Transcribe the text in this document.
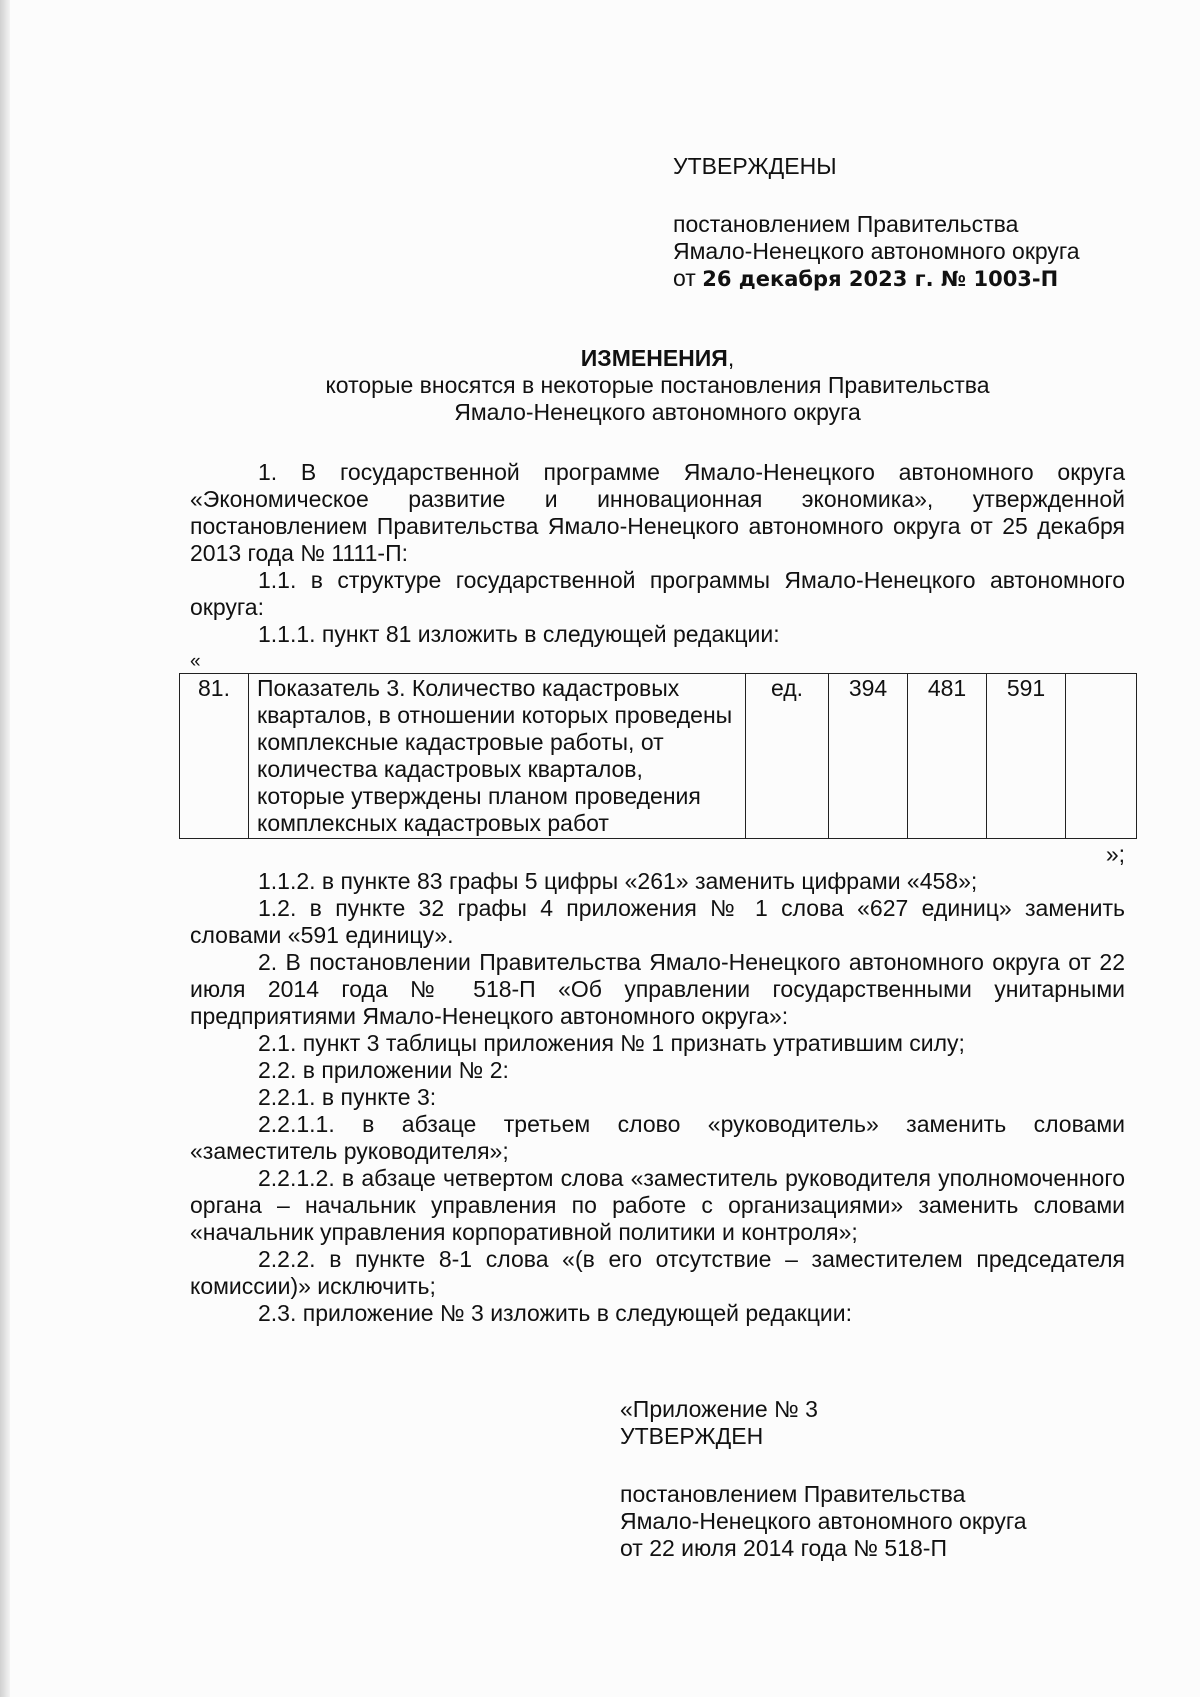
УТВЕРЖДЕНЫ
постановлением Правительства
Ямало-Ненецкого автономного округа
от 26 декабря 2023 г. № 1003-П
ИЗМЕНЕНИЯ,
которые вносятся в некоторые постановления Правительства
Ямало-Ненецкого автономного округа
1. В государственной программе Ямало-Ненецкого автономного округа «Экономическое развитие и инновационная экономика», утвержденной постановлением Правительства Ямало-Ненецкого автономного округа от 25 декабря 2013 года № 1111-П:
1.1. в структуре государственной программы Ямало-Ненецкого автономного округа:
1.1.1. пункт 81 изложить в следующей редакции:
«
81.	Показатель 3. Количество кадастровых кварталов, в отношении которых проведены комплексные кадастровые работы, от количества кадастровых кварталов, которые утверждены планом проведения комплексных кадастровых работ	ед.	394	481	591	
»;
1.1.2. в пункте 83 графы 5 цифры «261» заменить цифрами «458»;
1.2. в пункте 32 графы 4 приложения № 1 слова «627 единиц» заменить словами «591 единицу».
2. В постановлении Правительства Ямало-Ненецкого автономного округа от 22 июля 2014 года № 518-П «Об управлении государственными унитарными предприятиями Ямало-Ненецкого автономного округа»:
2.1. пункт 3 таблицы приложения № 1 признать утратившим силу;
2.2. в приложении № 2:
2.2.1. в пункте 3:
2.2.1.1. в абзаце третьем слово «руководитель» заменить словами «заместитель руководителя»;
2.2.1.2. в абзаце четвертом слова «заместитель руководителя уполномоченного органа – начальник управления по работе с организациями» заменить словами «начальник управления корпоративной политики и контроля»;
2.2.2. в пункте 8-1 слова «(в его отсутствие – заместителем председателя комиссии)» исключить;
2.3. приложение № 3 изложить в следующей редакции:
«Приложение № 3
УТВЕРЖДЕН
постановлением Правительства
Ямало-Ненецкого автономного округа
от 22 июля 2014 года № 518-П
